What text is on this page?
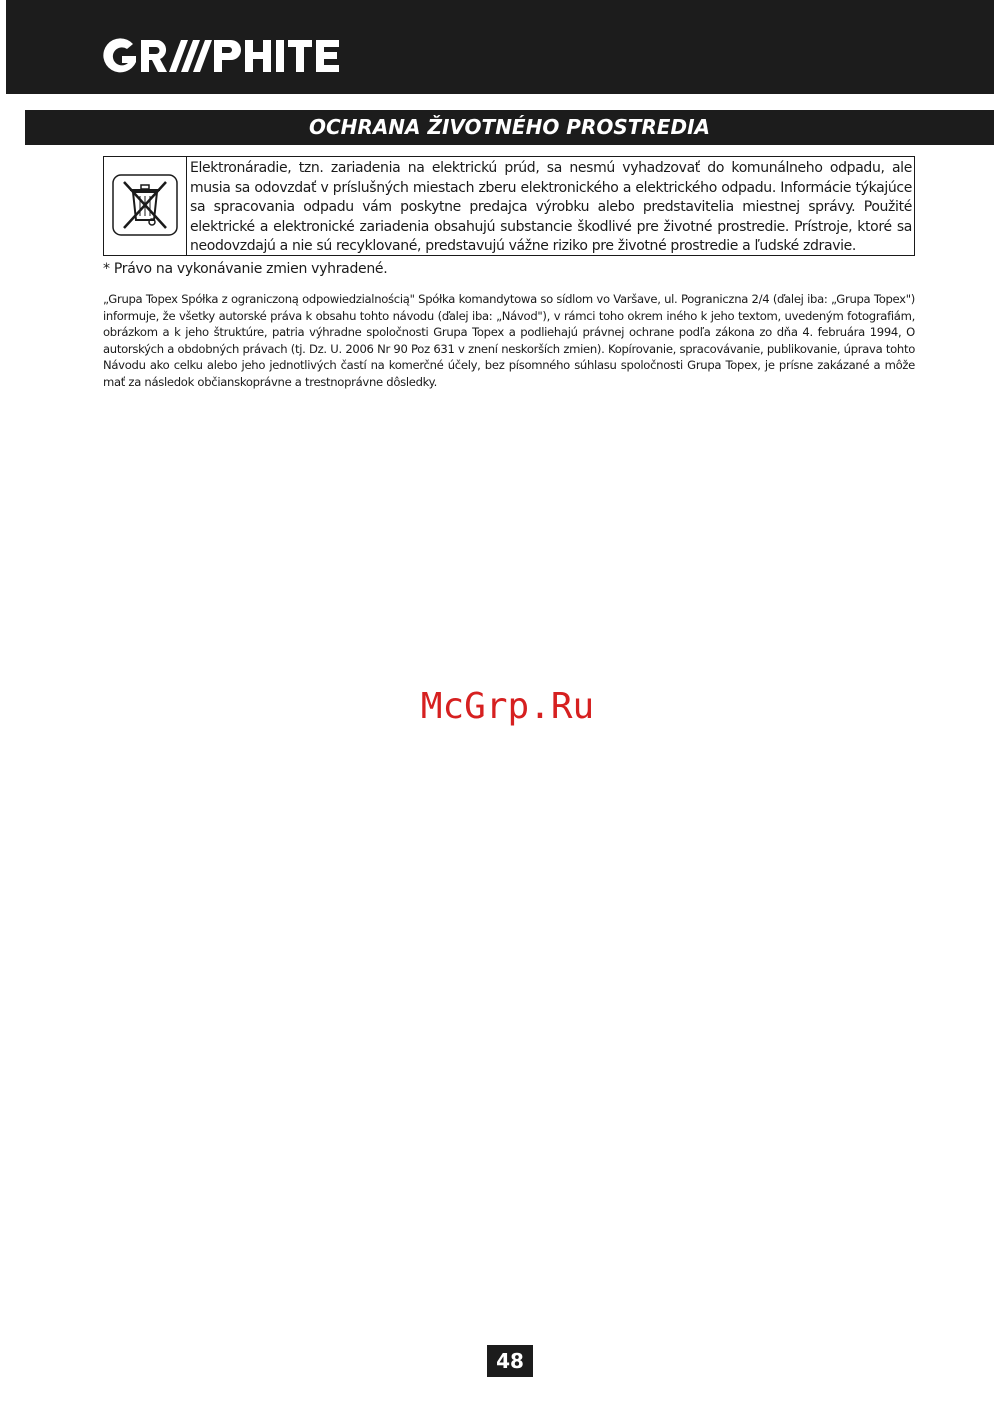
OCHRANA ŽIVOTNÉHO PROSTREDIA
Elektronáradie, tzn. zariadenia na elektrickú prúd, sa nesmú vyhadzovať do komunálneho odpadu, ale musia sa odovzdať v príslušných miestach zberu elektronického a elektrického odpadu. Informácie týkajúce sa spracovania odpadu vám poskytne predajca výrobku alebo predstavitelia miestnej správy. Použité elektrické a elektronické zariadenia obsahujú substancie škodlivé pre životné prostredie. Prístroje, ktoré sa neodovzdajú a nie sú recyklované, predstavujú vážne riziko pre životné prostredie a ľudské zdravie.
* Právo na vykonávanie zmien vyhradené.
„Grupa Topex Spółka z ograniczoną odpowiedzialnością" Spółka komandytowa so sídlom vo Varšave, ul. Pograniczna 2/4 (ďalej iba: „Grupa Topex") informuje, že všetky autorské práva k obsahu tohto návodu (ďalej iba: „Návod"), v rámci toho okrem iného k jeho textom, uvedeným fotografiám, obrázkom a k jeho štruktúre, patria výhradne spoločnosti Grupa Topex a podliehajú právnej ochrane podľa zákona zo dňa 4. februára 1994, O autorských a obdobných právach (tj. Dz. U. 2006 Nr 90 Poz 631 v znení neskorších zmien). Kopírovanie, spracovávanie, publikovanie, úprava tohto Návodu ako celku alebo jeho jednotlivých častí na komerčné účely, bez písomného súhlasu spoločnosti Grupa Topex, je prísne zakázané a môže mať za následok občianskoprávne a trestnoprávne dôsledky.
McGrp.Ru
48
